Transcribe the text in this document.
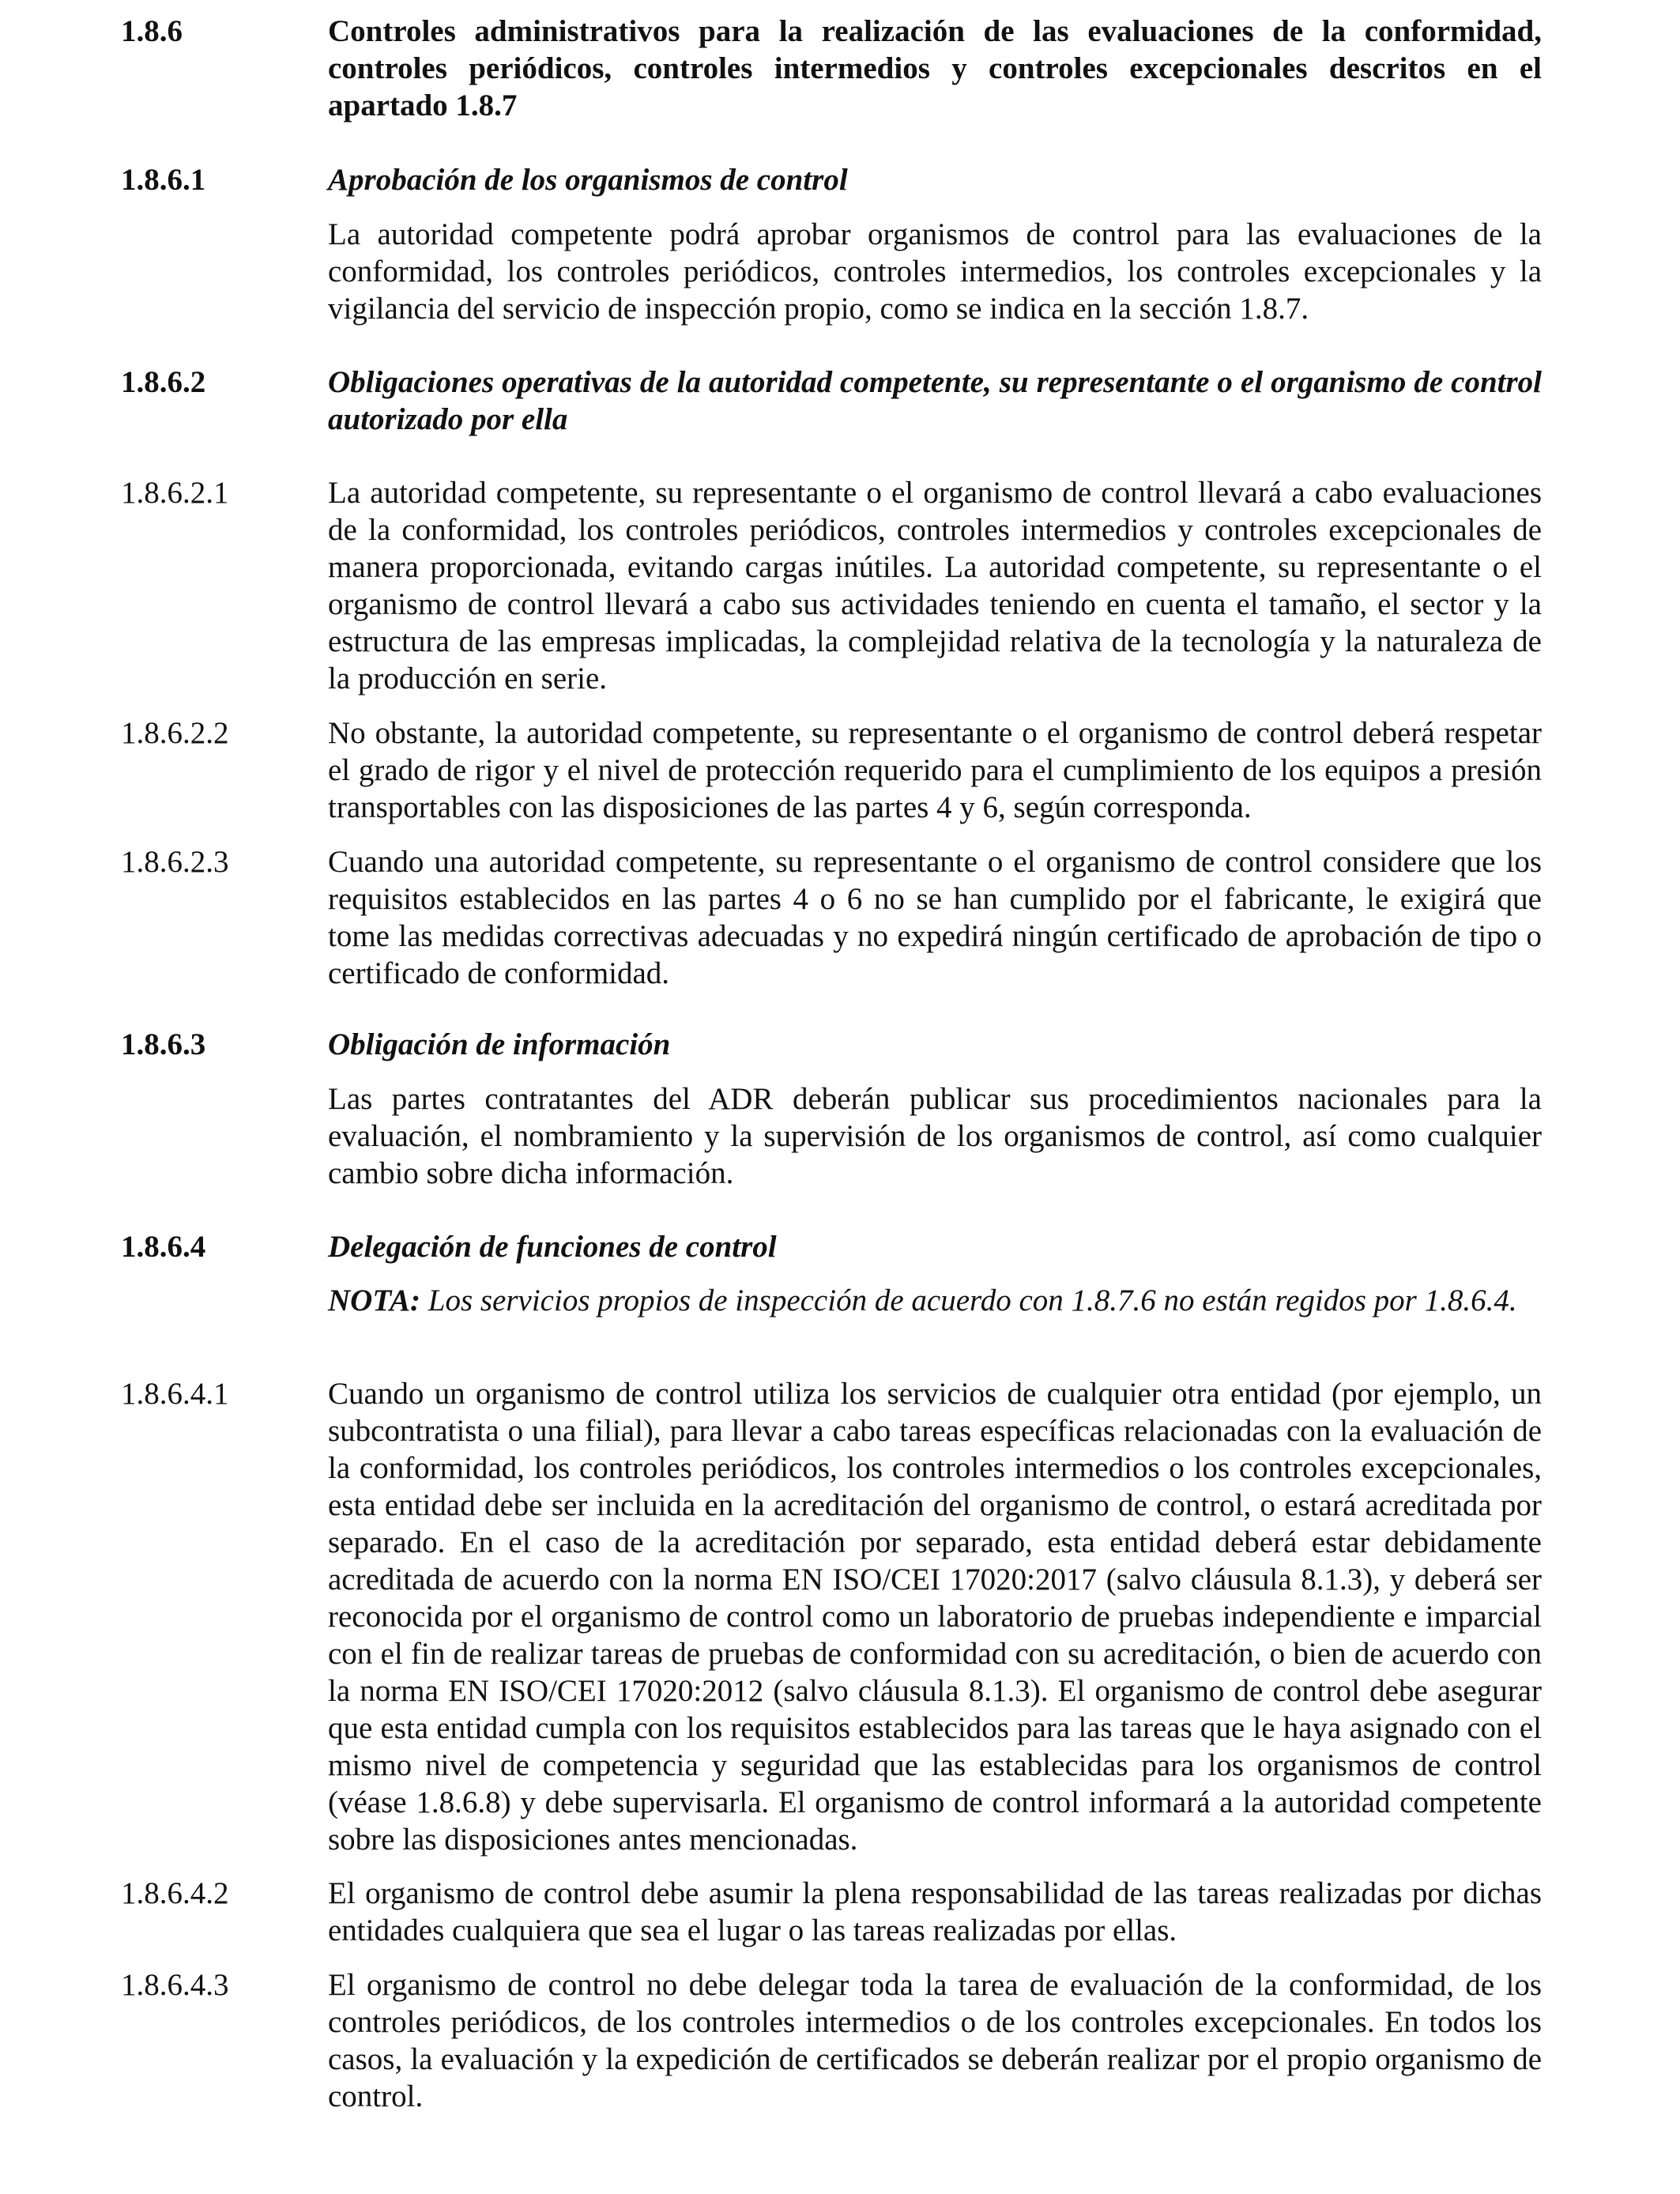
1.8.6	Controles administrativos para la realización de las evaluaciones de la conformidad, controles periódicos, controles intermedios y controles excepcionales descritos en el apartado 1.8.7
1.8.6.1	Aprobación de los organismos de control
La autoridad competente podrá aprobar organismos de control para las evaluaciones de la conformidad, los controles periódicos, controles intermedios, los controles excepcionales y la vigilancia del servicio de inspección propio, como se indica en la sección 1.8.7.
1.8.6.2	Obligaciones operativas de la autoridad competente, su representante o el organismo de control autorizado por ella
1.8.6.2.1	La autoridad competente, su representante o el organismo de control llevará a cabo evaluaciones de la conformidad, los controles periódicos, controles intermedios y controles excepcionales de manera proporcionada, evitando cargas inútiles. La autoridad competente, su representante o el organismo de control llevará a cabo sus actividades teniendo en cuenta el tamaño, el sector y la estructura de las empresas implicadas, la complejidad relativa de la tecnología y la naturaleza de la producción en serie.
1.8.6.2.2	No obstante, la autoridad competente, su representante o el organismo de control deberá respetar el grado de rigor y el nivel de protección requerido para el cumplimiento de los equipos a presión transportables con las disposiciones de las partes 4 y 6, según corresponda.
1.8.6.2.3	Cuando una autoridad competente, su representante o el organismo de control considere que los requisitos establecidos en las partes 4 o 6 no se han cumplido por el fabricante, le exigirá que tome las medidas correctivas adecuadas y no expedirá ningún certificado de aprobación de tipo o certificado de conformidad.
1.8.6.3	Obligación de información
Las partes contratantes del ADR deberán publicar sus procedimientos nacionales para la evaluación, el nombramiento y la supervisión de los organismos de control, así como cualquier cambio sobre dicha información.
1.8.6.4	Delegación de funciones de control
NOTA: Los servicios propios de inspección de acuerdo con 1.8.7.6 no están regidos por 1.8.6.4.
1.8.6.4.1	Cuando un organismo de control utiliza los servicios de cualquier otra entidad (por ejemplo, un subcontratista o una filial), para llevar a cabo tareas específicas relacionadas con la evaluación de la conformidad, los controles periódicos, los controles intermedios o los controles excepcionales, esta entidad debe ser incluida en la acreditación del organismo de control, o estará acreditada por separado. En el caso de la acreditación por separado, esta entidad deberá estar debidamente acreditada de acuerdo con la norma EN ISO/CEI 17020:2017 (salvo cláusula 8.1.3), y deberá ser reconocida por el organismo de control como un laboratorio de pruebas independiente e imparcial con el fin de realizar tareas de pruebas de conformidad con su acreditación, o bien de acuerdo con la norma EN ISO/CEI 17020:2012 (salvo cláusula 8.1.3). El organismo de control debe asegurar que esta entidad cumpla con los requisitos establecidos para las tareas que le haya asignado con el mismo nivel de competencia y seguridad que las establecidas para los organismos de control (véase 1.8.6.8) y debe supervisarla. El organismo de control informará a la autoridad competente sobre las disposiciones antes mencionadas.
1.8.6.4.2	El organismo de control debe asumir la plena responsabilidad de las tareas realizadas por dichas entidades cualquiera que sea el lugar o las tareas realizadas por ellas.
1.8.6.4.3	El organismo de control no debe delegar toda la tarea de evaluación de la conformidad, de los controles periódicos, de los controles intermedios o de los controles excepcionales. En todos los casos, la evaluación y la expedición de certificados se deberán realizar por el propio organismo de control.
